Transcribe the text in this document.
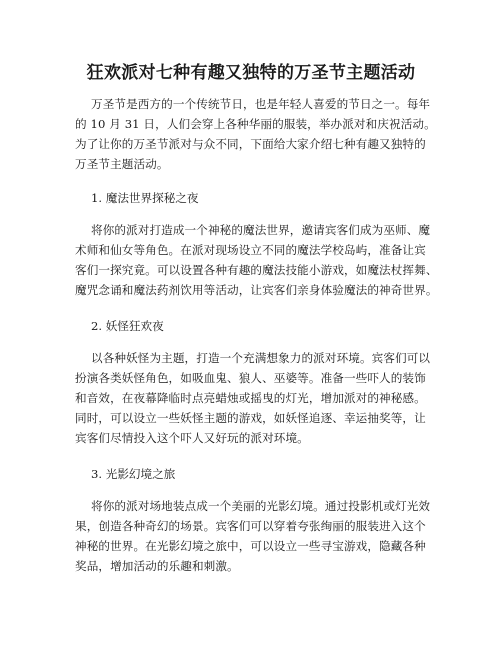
狂欢派对七种有趣又独特的万圣节主题活动
万圣节是西方的一个传统节日，也是年轻人喜爱的节日之一。每年
的 10 月 31 日，人们会穿上各种华丽的服装，举办派对和庆祝活动。
为了让你的万圣节派对与众不同，下面给大家介绍七种有趣又独特的
万圣节主题活动。
1. 魔法世界探秘之夜
将你的派对打造成一个神秘的魔法世界，邀请宾客们成为巫师、魔
术师和仙女等角色。在派对现场设立不同的魔法学校岛屿，准备让宾
客们一探究竟。可以设置各种有趣的魔法技能小游戏，如魔法杖挥舞、
魔咒念诵和魔法药剂饮用等活动，让宾客们亲身体验魔法的神奇世界。
2. 妖怪狂欢夜
以各种妖怪为主题，打造一个充满想象力的派对环境。宾客们可以
扮演各类妖怪角色，如吸血鬼、狼人、巫婆等。准备一些吓人的装饰
和音效，在夜幕降临时点亮蜡烛或摇曳的灯光，增加派对的神秘感。
同时，可以设立一些妖怪主题的游戏，如妖怪追逐、幸运抽奖等，让
宾客们尽情投入这个吓人又好玩的派对环境。
3. 光影幻境之旅
将你的派对场地装点成一个美丽的光影幻境。通过投影机或灯光效
果，创造各种奇幻的场景。宾客们可以穿着夸张绚丽的服装进入这个
神秘的世界。在光影幻境之旅中，可以设立一些寻宝游戏，隐藏各种
奖品，增加活动的乐趣和刺激。
